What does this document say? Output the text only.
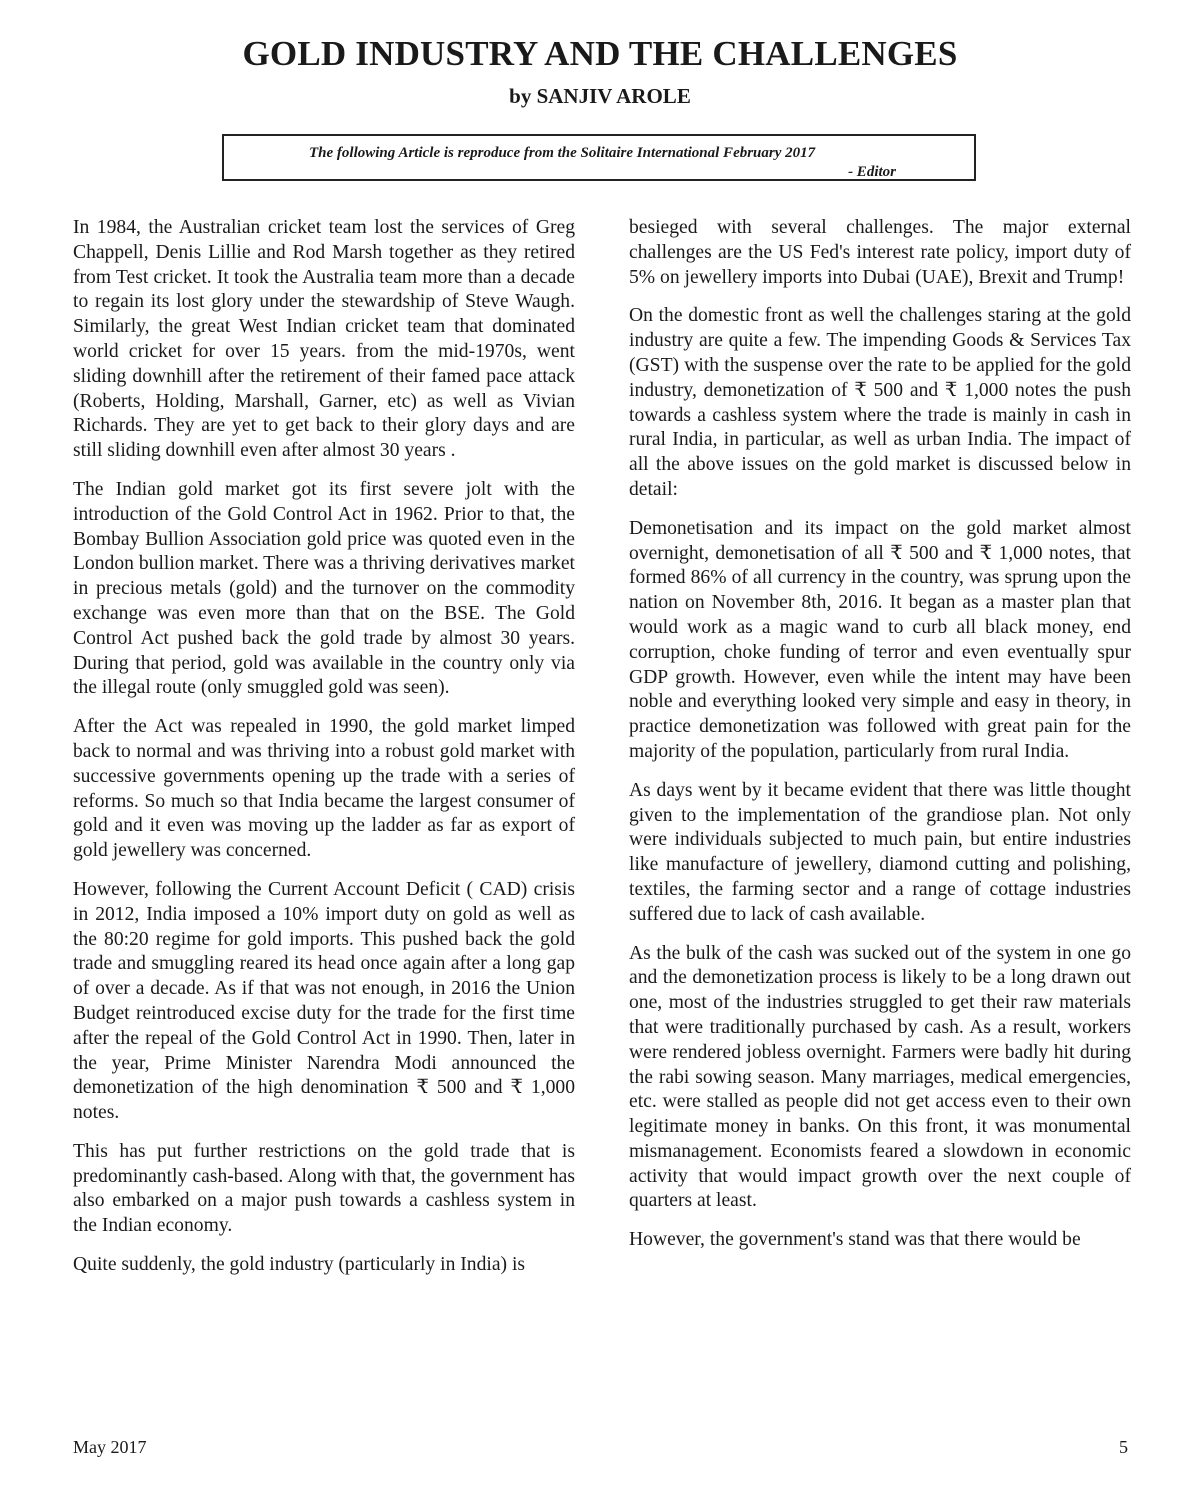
GOLD INDUSTRY AND THE CHALLENGES
by SANJIV AROLE
The following Article is reproduce from the Solitaire International February 2017
- Editor

In 1984, the Australian cricket team lost the services of Greg Chappell, Denis Lillie and Rod Marsh together as they retired from Test cricket. It took the Australia team more than a decade to regain its lost glory under the stewardship of Steve Waugh. Similarly, the great West Indian cricket team that dominated world cricket for over 15 years. from the mid-1970s, went sliding downhill after the retirement of their famed pace attack (Roberts, Holding, Marshall, Garner, etc) as well as Vivian Richards. They are yet to get back to their glory days and are still sliding downhill even after almost 30 years .

The Indian gold market got its first severe jolt with the introduction of the Gold Control Act in 1962. Prior to that, the Bombay Bullion Association gold price was quoted even in the London bullion market. There was a thriving derivatives market in precious metals (gold) and the turnover on the commodity exchange was even more than that on the BSE. The Gold Control Act pushed back the gold trade by almost 30 years. During that period, gold was available in the country only via the illegal route (only smuggled gold was seen).

After the Act was repealed in 1990, the gold market limped back to normal and was thriving into a robust gold market with successive governments opening up the trade with a series of reforms. So much so that India became the largest consumer of gold and it even was moving up the ladder as far as export of gold jewellery was concerned.

However, following the Current Account Deficit ( CAD) crisis in 2012, India imposed a 10% import duty on gold as well as the 80:20 regime for gold imports. This pushed back the gold trade and smuggling reared its head once again after a long gap of over a decade. As if that was not enough, in 2016 the Union Budget reintroduced excise duty for the trade for the first time after the repeal of the Gold Control Act in 1990. Then, later in the year, Prime Minister Narendra Modi announced the demonetization of the high denomination ₹ 500 and ₹ 1,000 notes.

This has put further restrictions on the gold trade that is predominantly cash-based. Along with that, the government has also embarked on a major push towards a cashless system in the Indian economy.

Quite suddenly, the gold industry (particularly in India) is

besieged with several challenges. The major external challenges are the US Fed's interest rate policy, import duty of 5% on jewellery imports into Dubai (UAE), Brexit and Trump!

On the domestic front as well the challenges staring at the gold industry are quite a few. The impending Goods & Services Tax (GST) with the suspense over the rate to be applied for the gold industry, demonetization of ₹ 500 and ₹ 1,000 notes the push towards a cashless system where the trade is mainly in cash in rural India, in particular, as well as urban India. The impact of all the above issues on the gold market is discussed below in detail:

Demonetisation and its impact on the gold market almost overnight, demonetisation of all ₹ 500 and ₹ 1,000 notes, that formed 86% of all currency in the country, was sprung upon the nation on November 8th, 2016. It began as a master plan that would work as a magic wand to curb all black money, end corruption, choke funding of terror and even eventually spur GDP growth. However, even while the intent may have been noble and everything looked very simple and easy in theory, in practice demonetization was followed with great pain for the majority of the population, particularly from rural India.

As days went by it became evident that there was little thought given to the implementation of the grandiose plan. Not only were individuals subjected to much pain, but entire industries like manufacture of jewellery, diamond cutting and polishing, textiles, the farming sector and a range of cottage industries suffered due to lack of cash available.

As the bulk of the cash was sucked out of the system in one go and the demonetization process is likely to be a long drawn out one, most of the industries struggled to get their raw materials that were traditionally purchased by cash. As a result, workers were rendered jobless overnight. Farmers were badly hit during the rabi sowing season. Many marriages, medical emergencies, etc. were stalled as people did not get access even to their own legitimate money in banks. On this front, it was monumental mismanagement. Economists feared a slowdown in economic activity that would impact growth over the next couple of quarters at least.

However, the government's stand was that there would be

May 2017	5
